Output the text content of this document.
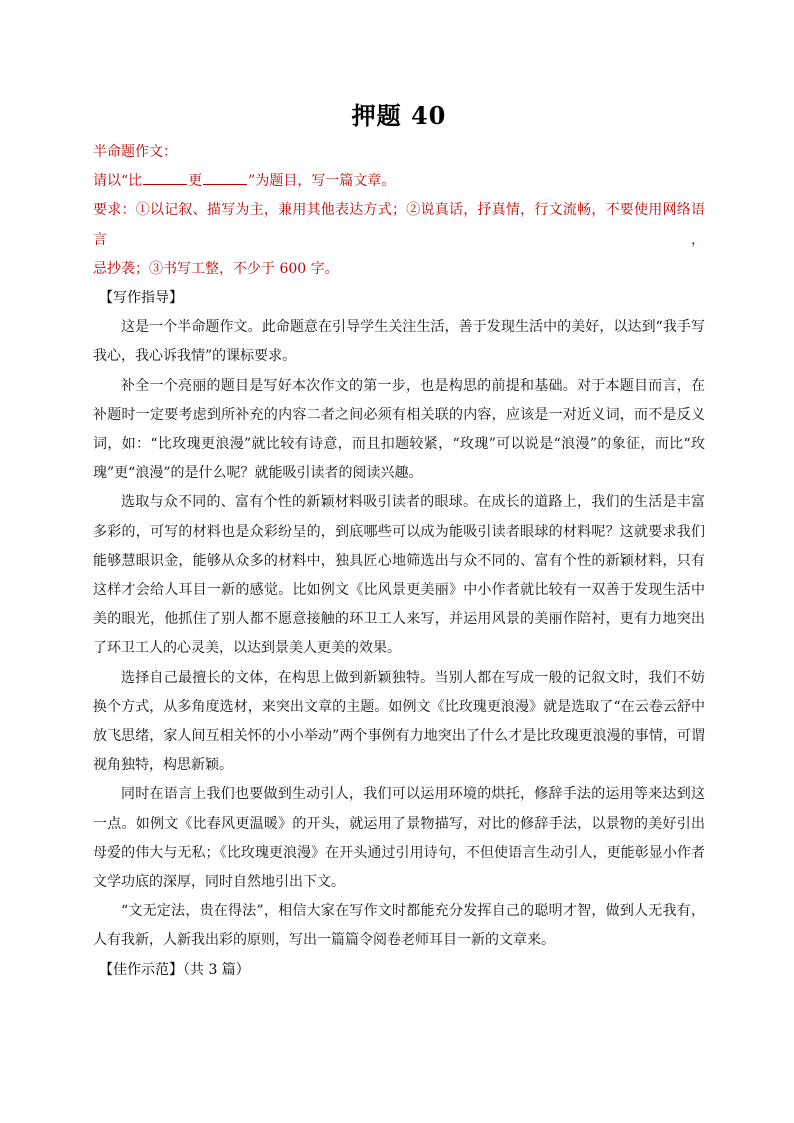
押题 40

半命题作文：

请以“比	更	”为题目，写一篇文章。

要求：①以记叙、描写为主，兼用其他表达方式；②说真话，抒真情，行文流畅，不要使用网络语言，

忌抄袭；③书写工整，不少于 600 字。

【写作指导】

这是一个半命题作文。此命题意在引导学生关注生活，善于发现生活中的美好，以达到“我手写我心，我心诉我情”的课标要求。

补全一个亮丽的题目是写好本次作文的第一步，也是构思的前提和基础。对于本题目而言，在补题时一定要考虑到所补充的内容二者之间必须有相关联的内容，应该是一对近义词，而不是反义词，如：“比玫瑰更浪漫”就比较有诗意，而且扣题较紧，“玫瑰”可以说是“浪漫”的象征，而比“玫瑰”更“浪漫”的是什么呢？就能吸引读者的阅读兴趣。

选取与众不同的、富有个性的新颖材料吸引读者的眼球。在成长的道路上，我们的生活是丰富多彩的，可写的材料也是众彩纷呈的，到底哪些可以成为能吸引读者眼球的材料呢？这就要求我们能够慧眼识金，能够从众多的材料中，独具匠心地筛选出与众不同的、富有个性的新颖材料，只有这样才会给人耳目一新的感觉。比如例文《比风景更美丽》中小作者就比较有一双善于发现生活中美的眼光，他抓住了别人都不愿意接触的环卫工人来写，并运用风景的美丽作陪衬，更有力地突出了环卫工人的心灵美，以达到景美人更美的效果。

选择自己最擅长的文体，在构思上做到新颖独特。当别人都在写成一般的记叙文时，我们不妨换个方式，从多角度选材，来突出文章的主题。如例文《比玫瑰更浪漫》就是选取了“在云卷云舒中放飞思绪，家人间互相关怀的小小举动”两个事例有力地突出了什么才是比玫瑰更浪漫的事情，可谓视角独特，构思新颖。

同时在语言上我们也要做到生动引人，我们可以运用环境的烘托，修辞手法的运用等来达到这一点。如例文《比春风更温暖》的开头，就运用了景物描写，对比的修辞手法，以景物的美好引出母爱的伟大与无私；《比玫瑰更浪漫》在开头通过引用诗句，不但使语言生动引人，更能彰显小作者文学功底的深厚，同时自然地引出下文。

“文无定法，贵在得法”，相信大家在写作文时都能充分发挥自己的聪明才智，做到人无我有，人有我新，人新我出彩的原则，写出一篇篇令阅卷老师耳目一新的文章来。

【佳作示范】（共 3 篇）
